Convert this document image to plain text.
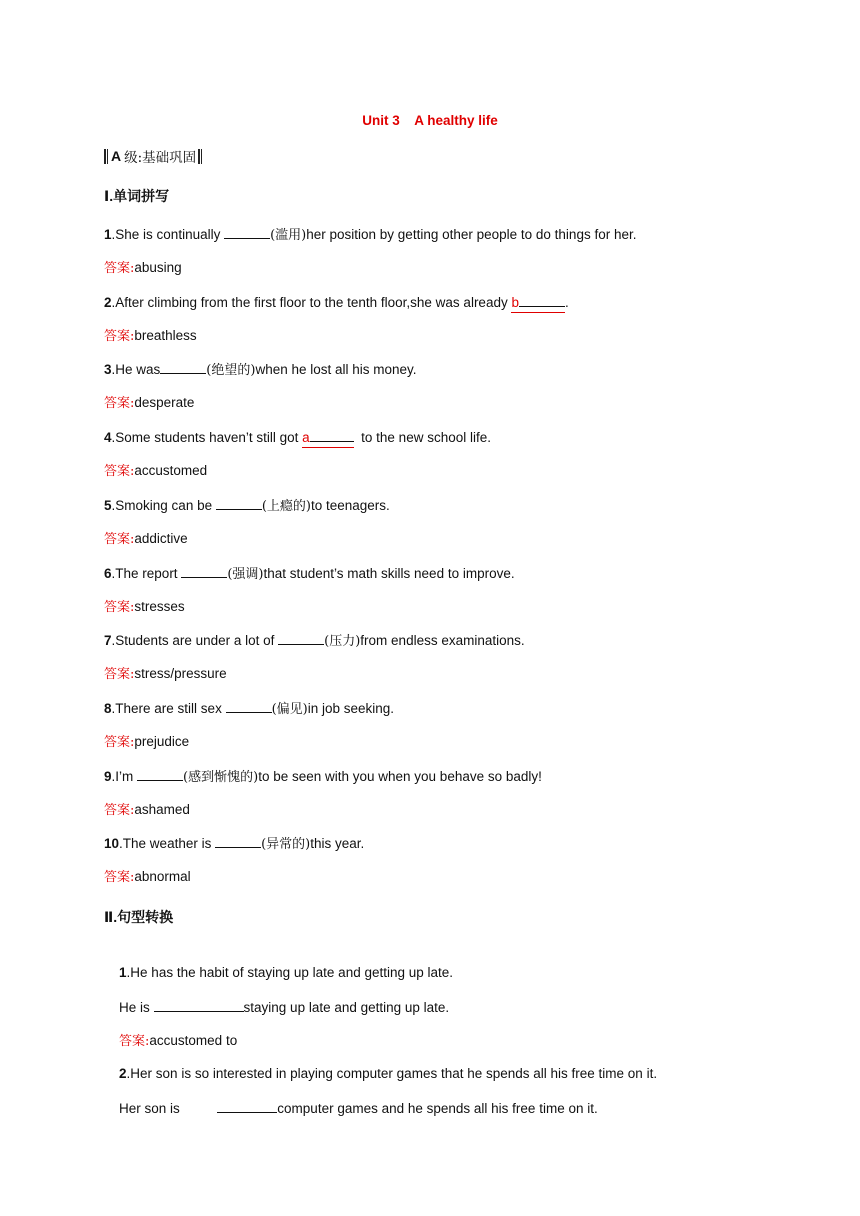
Unit 3    A healthy life
A 级:基础巩固
Ⅰ.单词拼写
1.She is continually	(滥用)her position by getting other people to do things for her.
答案:abusing
2.After climbing from the first floor to the tenth floor,she was already b	.
答案:breathless
3.He was	(绝望的)when he lost all his money.
答案:desperate
4.Some students haven’t still got a	to the new school life.
答案:accustomed
5.Smoking can be	(上瘾的)to teenagers.
答案:addictive
6.The report	(强调)that student’s math skills need to improve.
答案:stresses
7.Students are under a lot of	(压力)from endless examinations.
答案:stress/pressure
8.There are still sex	(偏见)in job seeking.
答案:prejudice
9.I’m	(感到惭愧的)to be seen with you when you behave so badly!
答案:ashamed
10.The weather is	(异常的)this year.
答案:abnormal
Ⅱ.句型转换

1.He has the habit of staying up late and getting up late.

He is	staying up late and getting up late.

答案:accustomed to

2.Her son is so interested in playing computer games that he spends all his free time on it.

Her son is	computer games and he spends all his free time on it.
